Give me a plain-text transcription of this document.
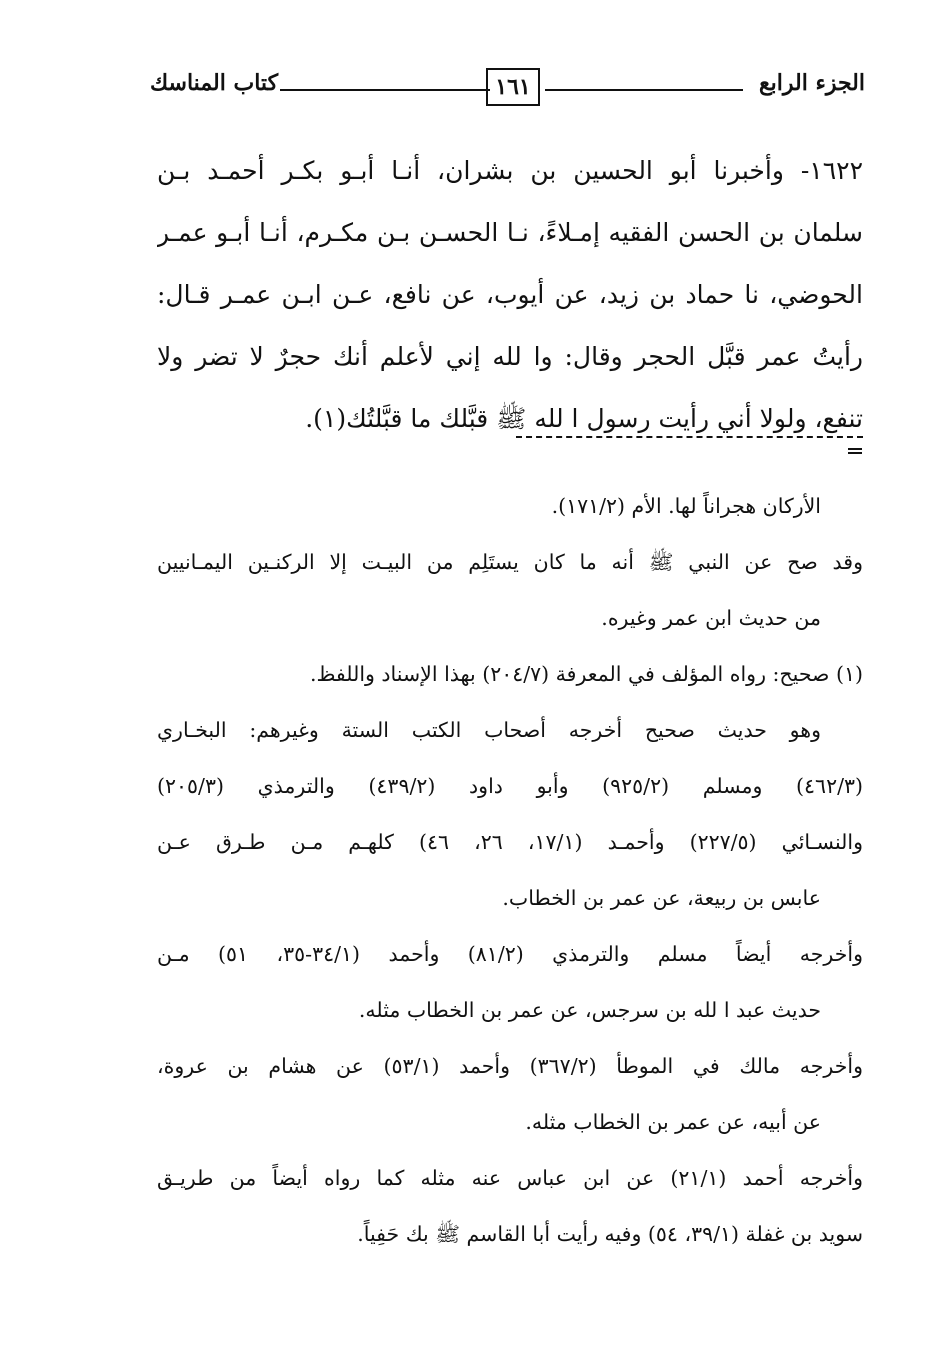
الجزء الرابع
١٦١
كتاب المناسك
١٦٢٢- وأخبرنا أبو الحسين بن بشران، أنـا أبـو بكـر أحمـد بـن
سلمان بن الحسن الفقيه إمـلاءً، نـا الحسـن بـن مكـرم، أنـا أبـو عمـر
الحوضي، نا حماد بن زيد، عن أيوب، عن نافع، عـن ابـن عمـر قـال:
رأيتُ عمر قبَّل الحجر وقال: وا لله إني لأعلم أنك حجرٌ لا تضر ولا
تنفع، ولولا أني رأيت رسول ا لله ﷺ قبَّلك ما قبَّلتُك(١).
الأركان هجراناً لها. الأم (١٧١/٢).
وقد صح عن النبي ﷺ أنه ما كان يستَلِم من البيـت إلا الركنـين اليمـانيين
من حديث ابن عمر وغيره.
(١) صحيح: رواه المؤلف في المعرفة (٢٠٤/٧) بهذا الإسناد واللفظ.
وهو حديث صحيح أخرجه أصحاب الكتب الستة وغيرهم: البخـاري
(٤٦٢/٣) ومسلم (٩٢٥/٢) وأبو داود (٤٣٩/٢) والترمذي (٢٠٥/٣)
والنسـائي (٢٢٧/٥) وأحمـد (١٧/١، ٢٦، ٤٦) كلهـم مـن طـرق عـن
عابس بن ربيعة، عن عمر بن الخطاب.
وأخرجه أيضاً مسلم والترمذي (٨١/٢) وأحمد (٣٤/١-٣٥، ٥١) مـن
حديث عبد ا لله بن سرجس، عن عمر بن الخطاب مثله.
وأخرجه مالك في الموطأ (٣٦٧/٢) وأحمد (٥٣/١) عن هشام بن عروة،
عن أبيه، عن عمر بن الخطاب مثله.
وأخرجه أحمد (٢١/١) عن ابن عباس عنه مثله كما رواه أيضاً من طريـق
سويد بن غفلة (٣٩/١، ٥٤) وفيه رأيت أبا القاسم ﷺ بك حَفِياً.
